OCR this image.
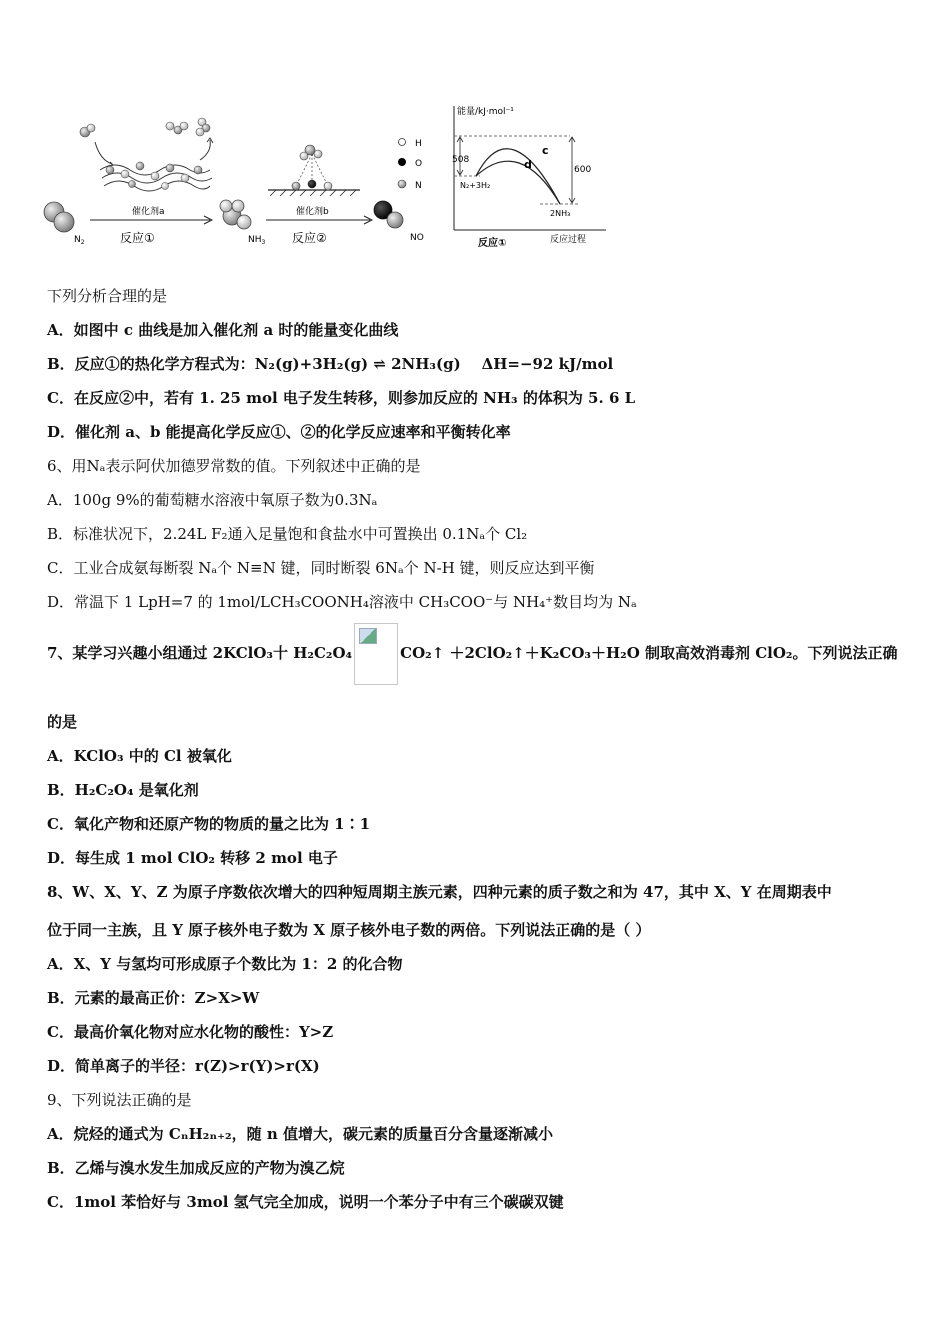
$N_2$
催化剂a
反应①	$NH_3$
催化剂b
反应②	NO
H
O
N
能量/kJ·mol⁻¹
508
600
c
d
N₂+3H₂
2NH₃
反应①	反应过程
下列分析合理的是
A．如图中 c 曲线是加入催化剂 a 时的能量变化曲线
B．反应①的热化学方程式为：N₂(g)+3H₂(g) ⇌ 2NH₃(g) ΔH=−92 kJ/mol
C．在反应②中，若有 1. 25 mol 电子发生转移，则参加反应的 NH₃ 的体积为 5. 6 L
D．催化剂 a、b 能提高化学反应①、②的化学反应速率和平衡转化率
6、用Nₐ表示阿伏加德罗常数的值。下列叙述中正确的是
A．100g 9%的葡萄糖水溶液中氧原子数为0.3Nₐ
B．标准状况下，2.24L F₂通入足量饱和食盐水中可置换出 0.1Nₐ个 Cl₂
C．工业合成氨每断裂 Nₐ个 N≡N 键，同时断裂 6Nₐ个 N-H 键，则反应达到平衡
D．常温下 1 LpH=7 的 1mol/LCH₃COONH₄溶液中 CH₃COO⁻与 NH₄⁺数目均为 Nₐ
7、某学习兴趣小组通过 2KClO₃十 H₂C₂O₄	CO₂↑ ＋2ClO₂↑＋K₂CO₃＋H₂O 制取高效消毒剂 ClO₂。下列说法正确
的是
A．KClO₃ 中的 Cl 被氧化
B．H₂C₂O₄ 是氧化剂
C．氧化产物和还原产物的物质的量之比为 1∶1
D．每生成 1 mol ClO₂ 转移 2 mol 电子
8、W、X、Y、Z 为原子序数依次增大的四种短周期主族元素，四种元素的质子数之和为 47，其中 X、Y 在周期表中
位于同一主族，且 Y 原子核外电子数为 X 原子核外电子数的两倍。下列说法正确的是（ ）
A．X、Y 与氢均可形成原子个数比为 1：2 的化合物
B．元素的最高正价：Z>X>W
C．最高价氧化物对应水化物的酸性：Y>Z
D．简单离子的半径：r(Z)>r(Y)>r(X)
9、下列说法正确的是
A．烷烃的通式为 CₙH₂ₙ₊₂，随 n 值增大，碳元素的质量百分含量逐渐减小
B．乙烯与溴水发生加成反应的产物为溴乙烷
C．1mol 苯恰好与 3mol 氢气完全加成，说明一个苯分子中有三个碳碳双键
